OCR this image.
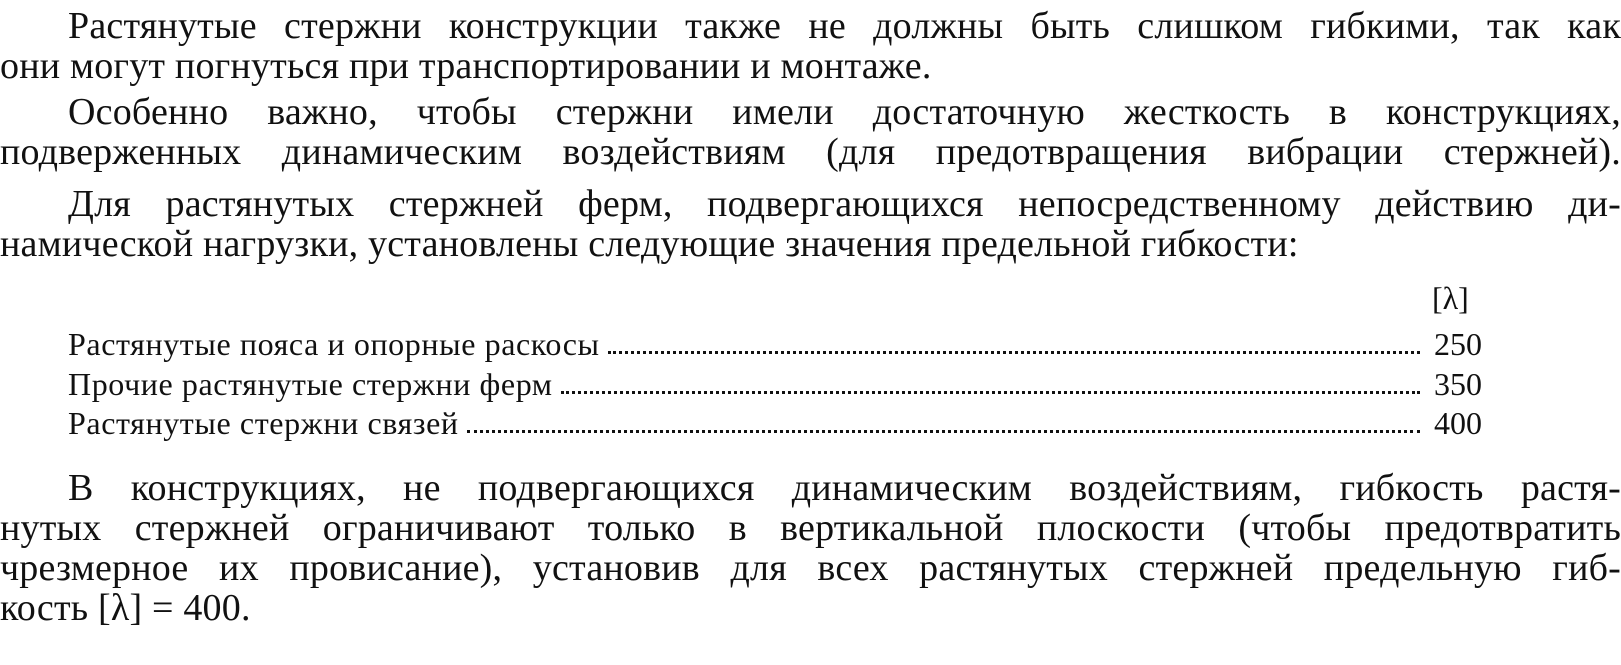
Растянутые стержни конструкции также не должны быть слишком гибкими, так как
они могут погнуться при транспортировании и монтаже.
Особенно важно, чтобы стержни имели достаточную жесткость в конструкциях,
подверженных динамическим воздействиям (для предотвращения вибрации стержней).
Для растянутых стержней ферм, подвергающихся непосредственному действию ди-
намической нагрузки, установлены следующие значения предельной гибкости:
[λ]
Растянутые пояса и опорные раскосы	250
Прочие растянутые стержни ферм	350
Растянутые стержни связей	400
В конструкциях, не подвергающихся динамическим воздействиям, гибкость растя-
нутых стержней ограничивают только в вертикальной плоскости (чтобы предотвратить
чрезмерное их провисание), установив для всех растянутых стержней предельную гиб-
кость [λ] = 400.
